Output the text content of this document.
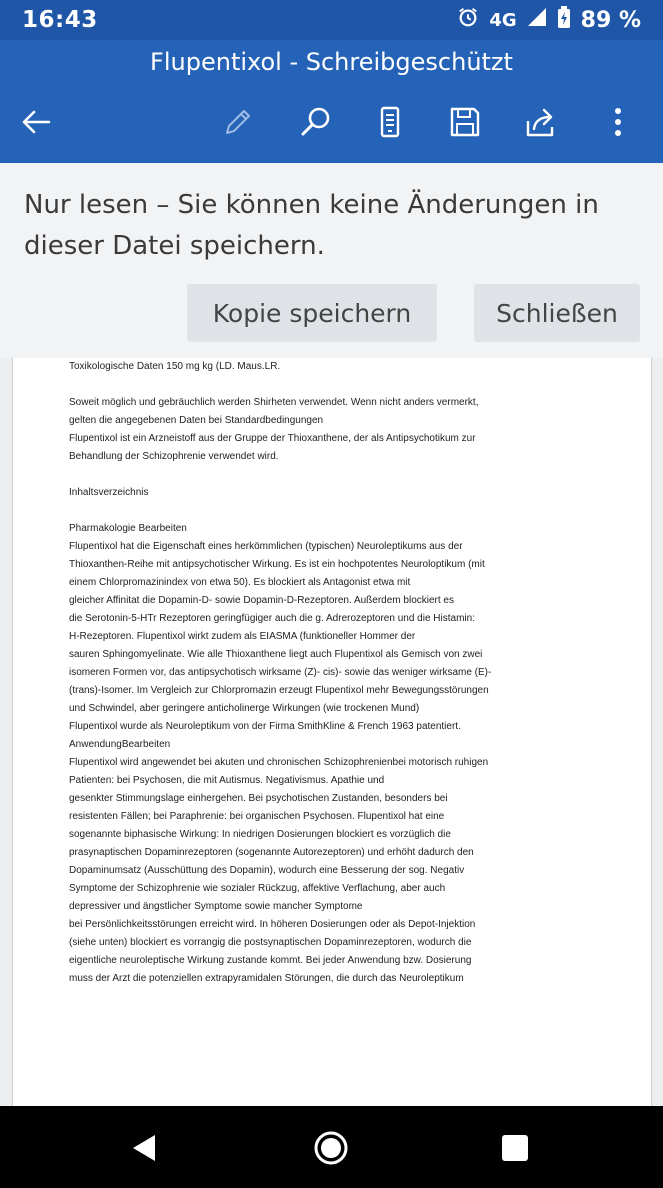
16:43	4G	89 %
Flupentixol - Schreibgeschützt
Nur lesen – Sie können keine Änderungen in dieser Datei speichern.
Kopie speichern	Schließen
Toxikologische Daten 150 mg kg (LD. Maus.LR.

Soweit möglich und gebräuchlich werden Shirheten verwendet. Wenn nicht anders vermerkt,
gelten die angegebenen Daten bei Standardbedingungen
Flupentixol ist ein Arzneistoff aus der Gruppe der Thioxanthene, der als Antipsychotikum zur
Behandlung der Schizophrenie verwendet wird.

Inhaltsverzeichnis

Pharmakologie Bearbeiten
Flupentixol hat die Eigenschaft eines herkömmlichen (typischen) Neuroleptikums aus der
Thioxanthen-Reihe mit antipsychotischer Wirkung. Es ist ein hochpotentes Neuroloptikum (mit
einem Chlorpromazinindex von etwa 50). Es blockiert als Antagonist etwa mit
gleicher Affinitat die Dopamin-D- sowie Dopamin-D-Rezeptoren. Außerdem blockiert es
die Serotonin-5-HTr Rezeptoren geringfügiger auch die g. Adrerozeptoren und die Histamin:
H-Rezeptoren. Flupentixol wirkt zudem als EIASMA (funktioneller Hommer der
sauren Sphingomyelinate. Wie alle Thioxanthene liegt auch Flupentixol als Gemisch von zwei
isomeren Formen vor, das antipsychotisch wirksame (Z)- cis)- sowie das weniger wirksame (E)-
(trans)-Isomer. Im Vergleich zur Chlorpromazin erzeugt Flupentixol mehr Bewegungsstörungen
und Schwindel, aber geringere anticholinergе Wirkungen (wie trockenen Mund)
Flupentixol wurde als Neuroleptikum von der Firma SmithKline & French 1963 patentiert.
AnwendungBearbeiten
Flupentixol wird angewendet bei akuten und chronischen Schizophrenienbei motorisch ruhigen
Patienten: bei Psychosen, die mit Autismus. Negativismus. Apathie und
gesenkter Stimmungslage einhergehen. Bei psychotischen Zustanden, besonders bei
resistenten Fällen; bei Paraphrenie: bei organischen Psychosen. Flupentixol hat eine
sogenannte biphasische Wirkung: In niedrigen Dosierungen blockiert es vorzüglich die
prasynaptischen Dopaminrezeptoren (sogenannte Autorezeptoren) und erhöht dadurch den
Dopaminumsatz (Ausschüttung des Dopamin), wodurch eine Besserung der sog. Negativ
Symptome der Schizophrenie wie sozialer Rückzug, affektive Verflachung, aber auch
depressiver und ängstlicher Symptome sowie mancher Symptome
bei Persönlichkeitsstörungen erreicht wird. In höheren Dosierungen oder als Depot-Injektion
(siehe unten) blockiert es vorrangig die postsynaptischen Dopaminrezeptoren, wodurch die
eigentliche neuroleptische Wirkung zustande kommt. Bei jeder Anwendung bzw. Dosierung
muss der Arzt die potenziellen extrapyramidalen Störungen, die durch das Neuroleptikum
